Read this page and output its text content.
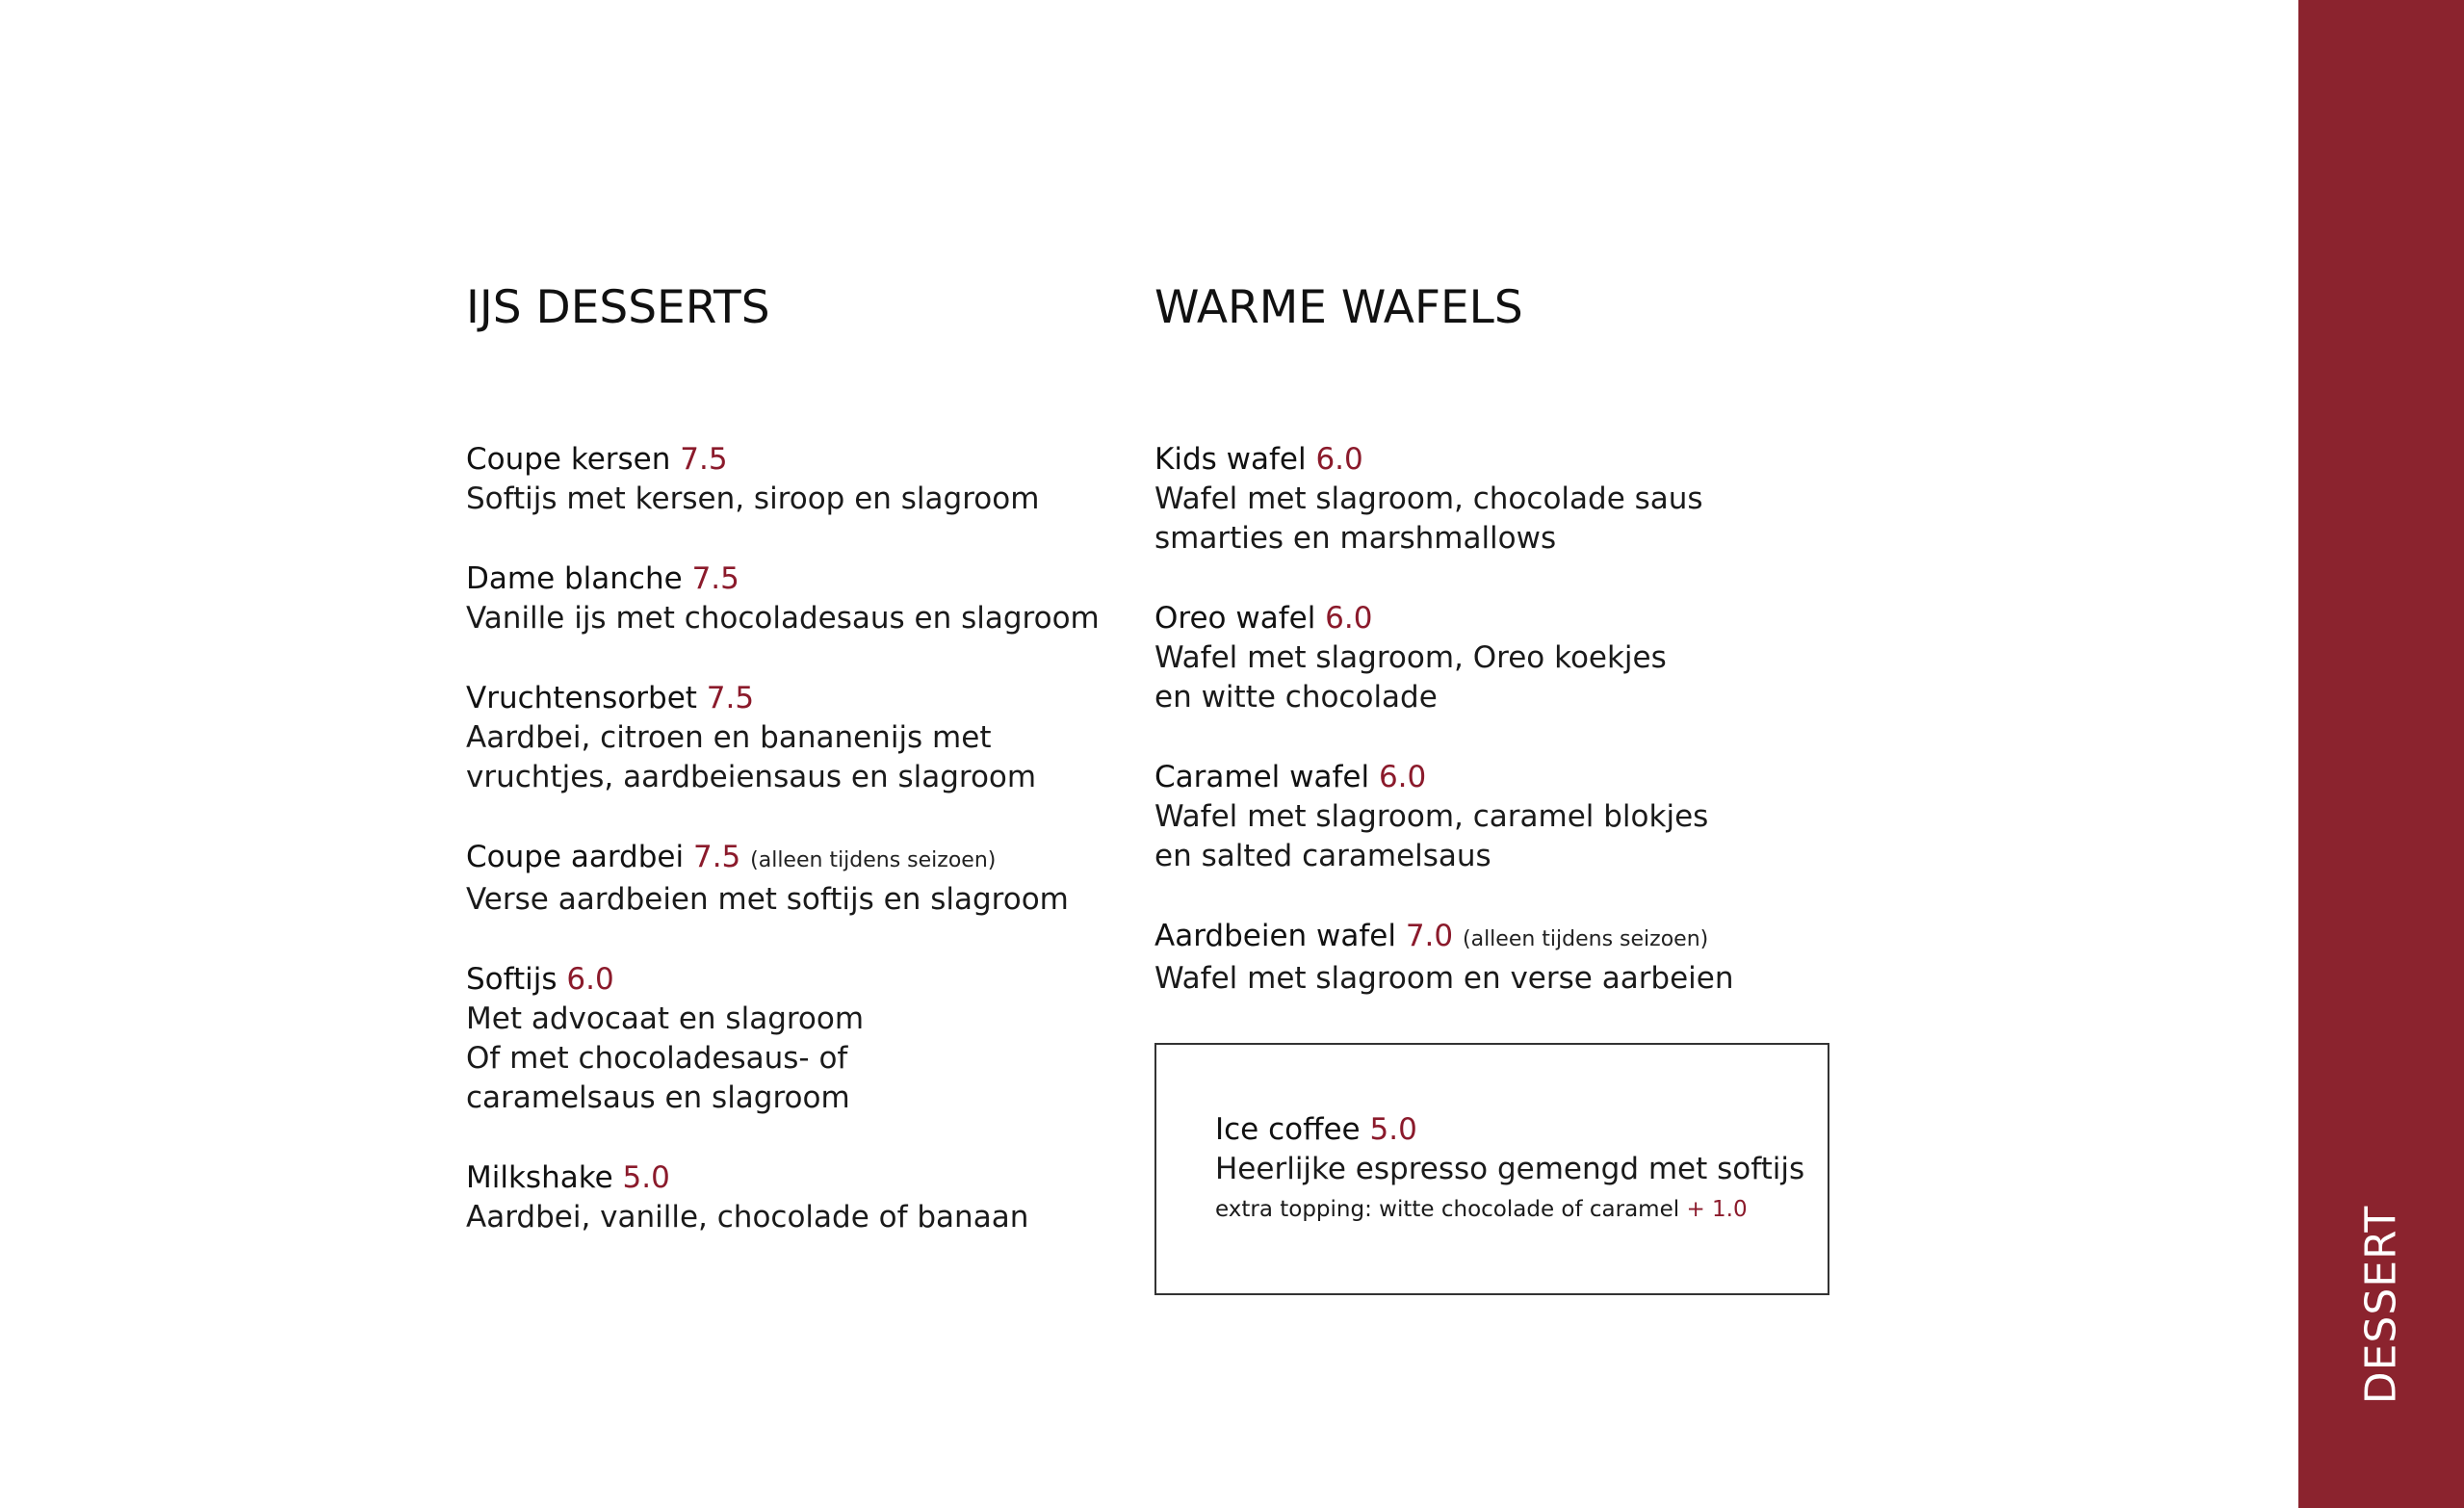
IJS DESSERTS
Coupe kersen 7.5
Softijs met kersen, siroop en slagroom
Dame blanche 7.5
Vanille ijs met chocoladesaus en slagroom
Vruchtensorbet 7.5
Aardbei, citroen en bananenijs met
vruchtjes, aardbeiensaus en slagroom
Coupe aardbei 7.5 (alleen tijdens seizoen)
Verse aardbeien met softijs en slagroom
Softijs 6.0
Met advocaat en slagroom
Of met chocoladesaus- of
caramelsaus en slagroom
Milkshake 5.0
Aardbei, vanille, chocolade of banaan
WARME WAFELS
Kids wafel 6.0
Wafel met slagroom, chocolade saus
smarties en marshmallows
Oreo wafel 6.0
Wafel met slagroom, Oreo koekjes
en witte chocolade
Caramel wafel 6.0
Wafel met slagroom, caramel blokjes
en salted caramelsaus
Aardbeien wafel 7.0 (alleen tijdens seizoen)
Wafel met slagroom en verse aarbeien
Ice coffee 5.0
Heerlijke espresso gemengd met softijs
extra topping: witte chocolade of caramel + 1.0	DESSERT
